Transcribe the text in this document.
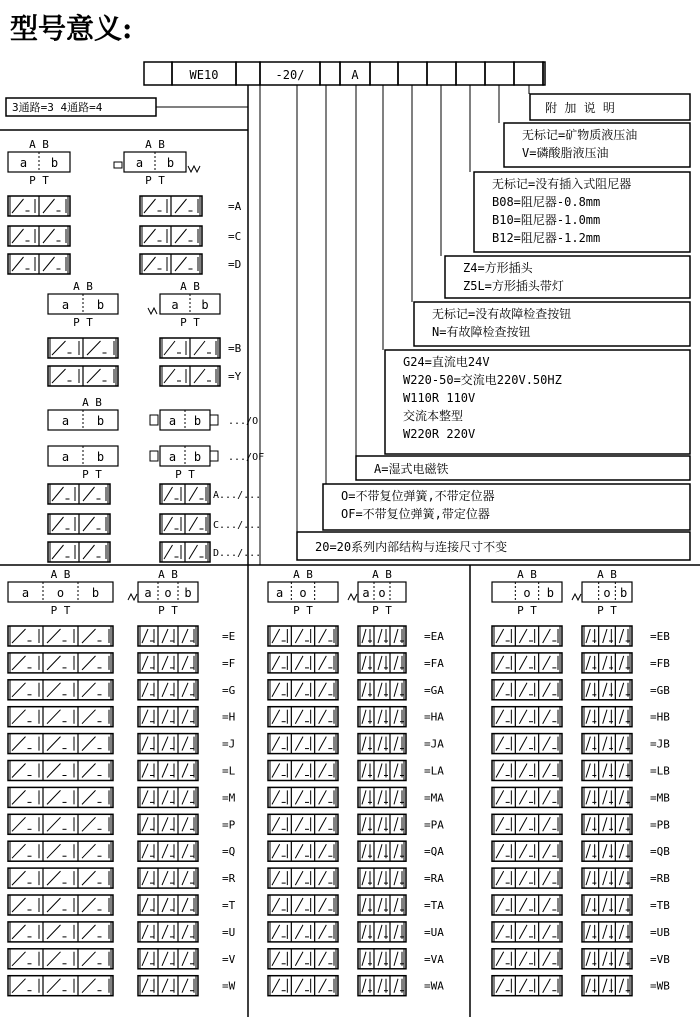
型号意义:
WE10	-20/	A
附 加 说 明
无标记=矿物质液压油
V=磷酸脂液压油
无标记=没有插入式阻尼器
B08=阻尼器-0.8mm
B10=阻尼器-1.0mm
B12=阻尼器-1.2mm
Z4=方形插头
Z5L=方形插头带灯
无标记=没有故障检查按钮
N=有故障检查按钮
G24=直流电24V
W220-50=交流电220V.50HZ
W110R 110V
交流本整型
W220R 220V
A=湿式电磁铁
O=不带复位弹簧,不带定位器
OF=不带复位弹簧,带定位器
20=20系列内部结构与连接尺寸不变
3通路=3 4通路=4
A B
a b
P T
A B
a b
P T
=A
=C
=D
A B
a b
P T
A B
a b
P T
=B
=Y
A B
a b	a b	.../O
a b	a b	.../OF
P T	P T
A.../...
C.../...
D.../...
A B
a o b
P T
A B
a o b
P T
=E
=F
=G
=H
=J
=L
=M
=P
=Q
=R
=T
=U
=V
=W
A B
a o
P T
A B
a o
P T
=EA
=FA
=GA
=HA
=JA
=LA
=MA
=PA
=QA
=RA
=TA
=UA
=VA
=WA
A B
o b
P T
A B
o b
P T
=EB
=FB
=GB
=HB
=JB
=LB
=MB
=PB
=QB
=RB
=TB
=UB
=VB
=WB
